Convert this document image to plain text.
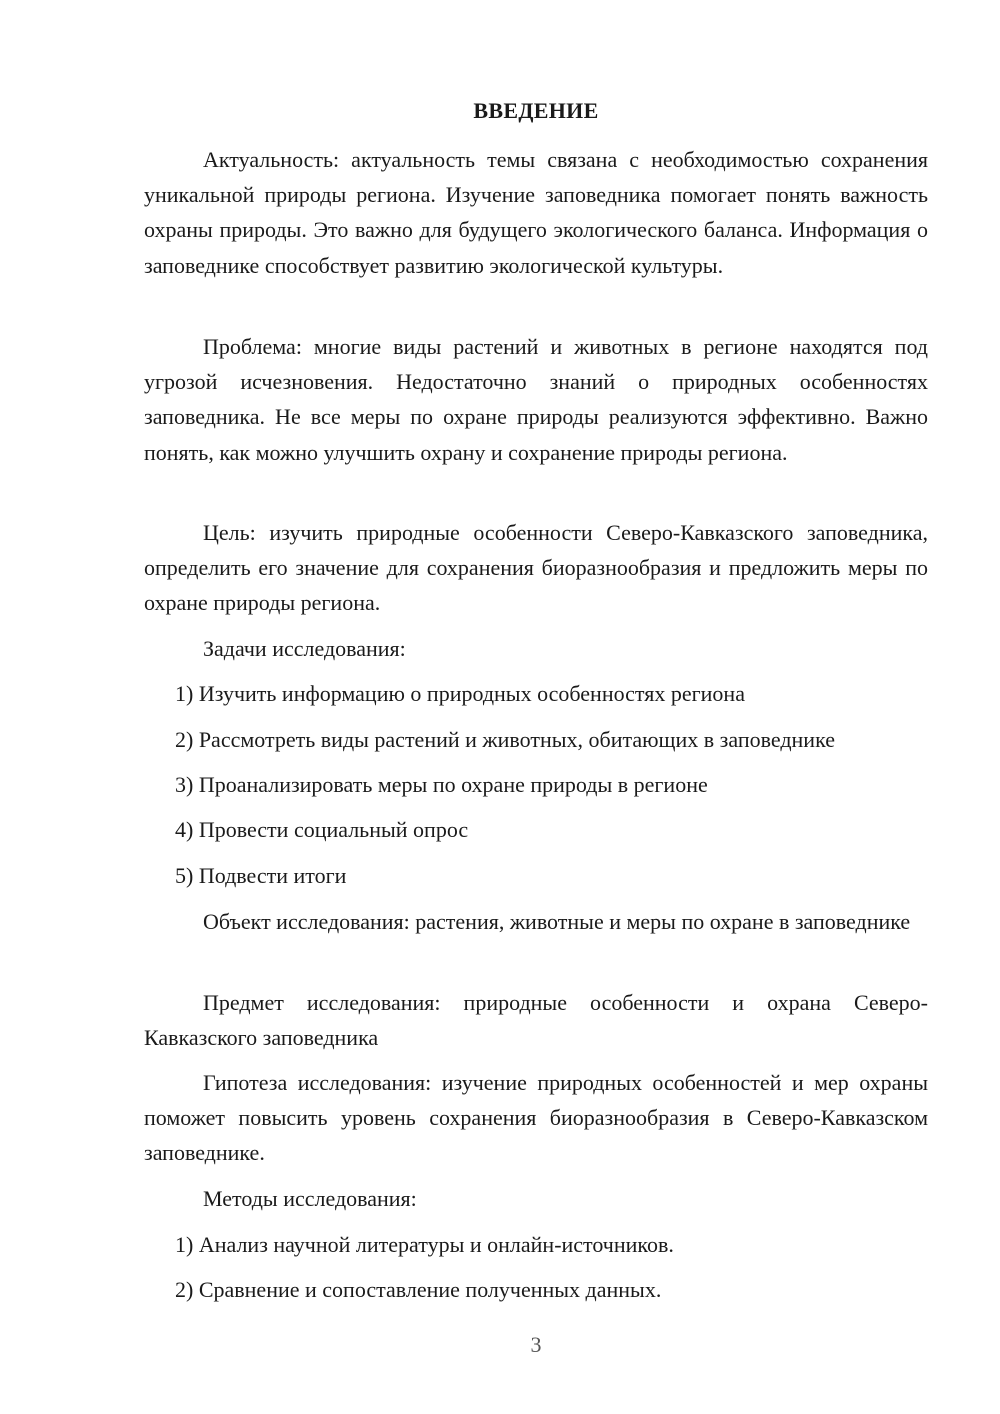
ВВЕДЕНИЕ

Актуальность: актуальность темы связана с необходимостью сохранения уникальной природы региона. Изучение заповедника помогает понять важность охраны природы. Это важно для будущего экологического баланса. Информация о заповеднике способствует развитию экологической культуры.

Проблема: многие виды растений и животных в регионе находятся под угрозой исчезновения. Недостаточно знаний о природных особенностях заповедника. Не все меры по охране природы реализуются эффективно. Важно понять, как можно улучшить охрану и сохранение природы региона.

Цель: изучить природные особенности Северо-Кавказского заповедника, определить его значение для сохранения биоразнообразия и предложить меры по охране природы региона.

Задачи исследования:

1) Изучить информацию о природных особенностях региона

2) Рассмотреть виды растений и животных, обитающих в заповеднике

3) Проанализировать меры по охране природы в регионе

4) Провести социальный опрос

5) Подвести итоги

Объект исследования: растения, животные и меры по охране в заповеднике

Предмет исследования: природные особенности и охрана Северо-Кавказского заповедника

Гипотеза исследования: изучение природных особенностей и мер охраны поможет повысить уровень сохранения биоразнообразия в Северо-Кавказском заповеднике.

Методы исследования:

1) Анализ научной литературы и онлайн-источников.

2) Сравнение и сопоставление полученных данных.

3
